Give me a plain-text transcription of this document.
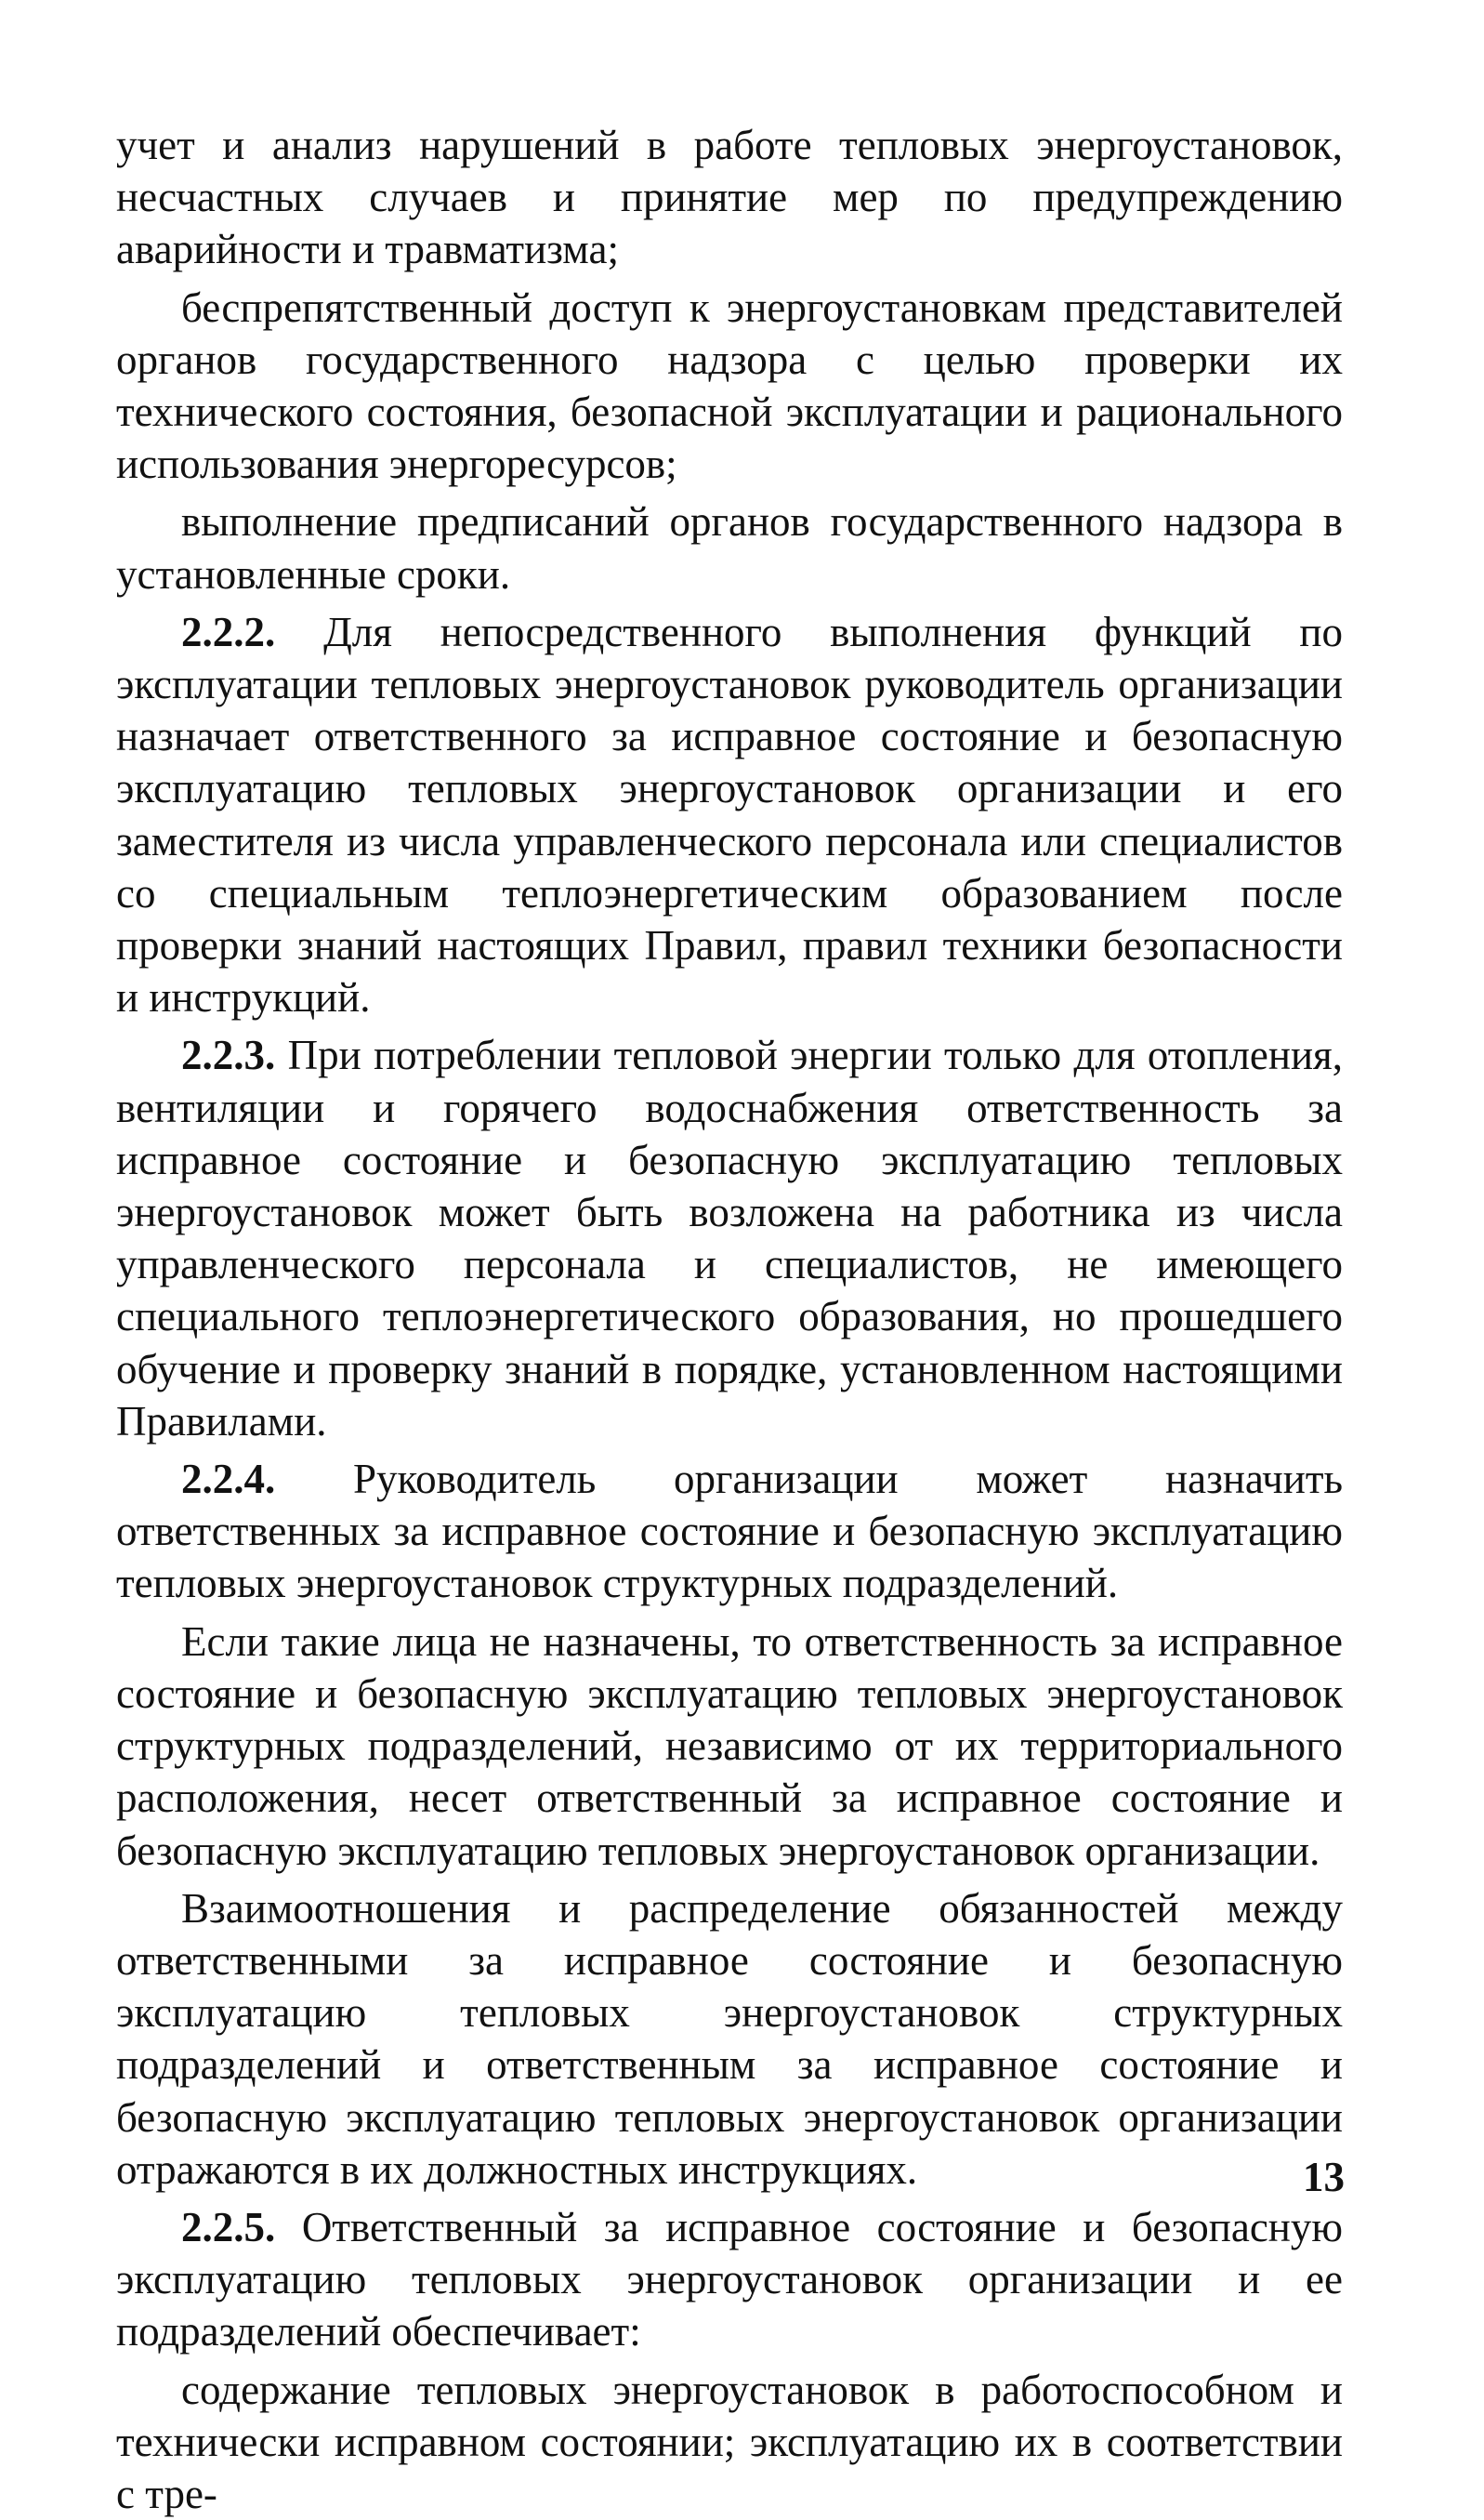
учет и анализ нарушений в работе тепловых энергоустановок, несчастных случаев и принятие мер по предупреждению аварийности и травматизма;

беспрепятственный доступ к энергоустановкам представителей органов государственного надзора с целью проверки их технического состояния, безопасной эксплуатации и рационального использования энергоресурсов;

выполнение предписаний органов государственного надзора в установленные сроки.

2.2.2. Для непосредственного выполнения функций по эксплуатации тепловых энергоустановок руководитель организации назначает ответственного за исправное состояние и безопасную эксплуатацию тепловых энергоустановок организации и его заместителя из числа управленческого персонала или специалистов со специальным теплоэнергетическим образованием после проверки знаний настоящих Правил, правил техники безопасности и инструкций.

2.2.3. При потреблении тепловой энергии только для отопления, вентиляции и горячего водоснабжения ответственность за исправное состояние и безопасную эксплуатацию тепловых энергоустановок может быть возложена на работника из числа управленческого персонала и специалистов, не имеющего специального теплоэнергетического образования, но прошедшего обучение и проверку знаний в порядке, установленном настоящими Правилами.

2.2.4. Руководитель организации может назначить ответственных за исправное состояние и безопасную эксплуатацию тепловых энергоустановок структурных подразделений.

Если такие лица не назначены, то ответственность за исправное состояние и безопасную эксплуатацию тепловых энергоустановок структурных подразделений, независимо от их территориального расположения, несет ответственный за исправное состояние и безопасную эксплуатацию тепловых энергоустановок организации.

Взаимоотношения и распределение обязанностей между ответственными за исправное состояние и безопасную эксплуатацию тепловых энергоустановок структурных подразделений и ответственным за исправное состояние и безопасную эксплуатацию тепловых энергоустановок организации отражаются в их должностных инструкциях.

2.2.5. Ответственный за исправное состояние и безопасную эксплуатацию тепловых энергоустановок организации и ее подразделений обеспечивает:

содержание тепловых энергоустановок в работоспособном и технически исправном состоянии; эксплуатацию их в соответствии с тре-

13
